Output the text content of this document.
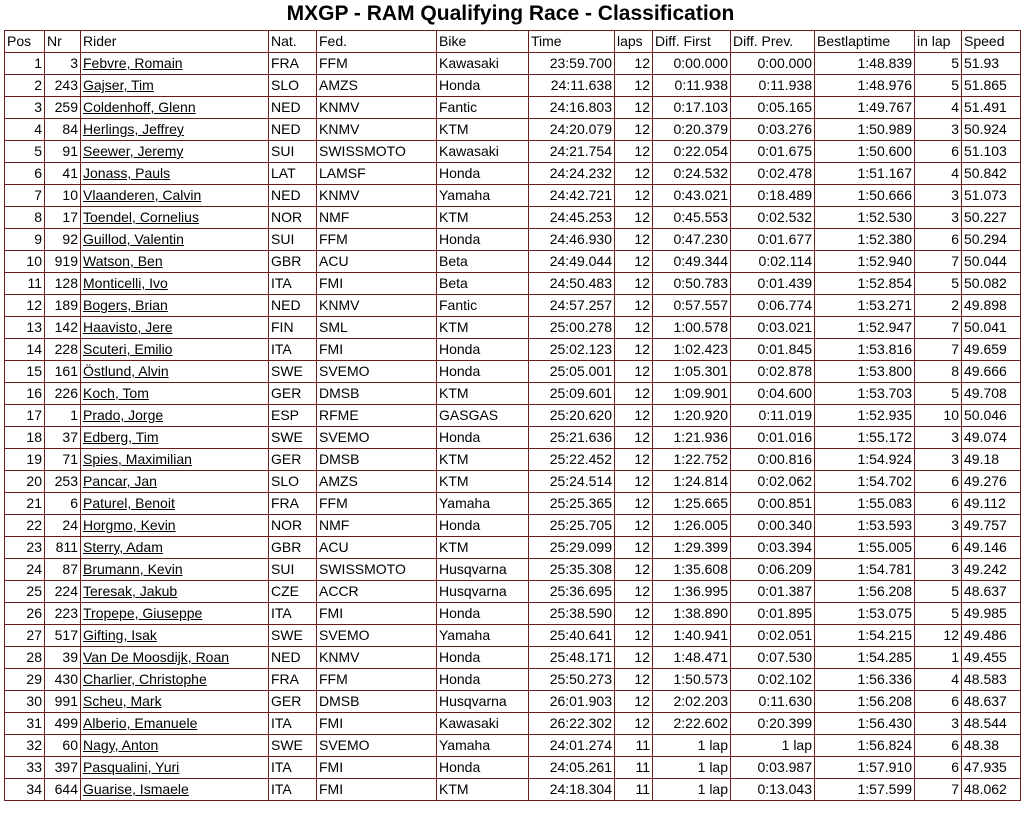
MXGP - RAM Qualifying Race - Classification
Pos	Nr	Rider	Nat.	Fed.	Bike	Time	laps	Diff. First	Diff. Prev.	Bestlaptime	in lap	Speed
1	3	Febvre, Romain	FRA	FFM	Kawasaki	23:59.700	12	0:00.000	0:00.000	1:48.839	5	51.93
2	243	Gajser, Tim	SLO	AMZS	Honda	24:11.638	12	0:11.938	0:11.938	1:48.976	5	51.865
3	259	Coldenhoff, Glenn	NED	KNMV	Fantic	24:16.803	12	0:17.103	0:05.165	1:49.767	4	51.491
4	84	Herlings, Jeffrey	NED	KNMV	KTM	24:20.079	12	0:20.379	0:03.276	1:50.989	3	50.924
5	91	Seewer, Jeremy	SUI	SWISSMOTO	Kawasaki	24:21.754	12	0:22.054	0:01.675	1:50.600	6	51.103
6	41	Jonass, Pauls	LAT	LAMSF	Honda	24:24.232	12	0:24.532	0:02.478	1:51.167	4	50.842
7	10	Vlaanderen, Calvin	NED	KNMV	Yamaha	24:42.721	12	0:43.021	0:18.489	1:50.666	3	51.073
8	17	Toendel, Cornelius	NOR	NMF	KTM	24:45.253	12	0:45.553	0:02.532	1:52.530	3	50.227
9	92	Guillod, Valentin	SUI	FFM	Honda	24:46.930	12	0:47.230	0:01.677	1:52.380	6	50.294
10	919	Watson, Ben	GBR	ACU	Beta	24:49.044	12	0:49.344	0:02.114	1:52.940	7	50.044
11	128	Monticelli, Ivo	ITA	FMI	Beta	24:50.483	12	0:50.783	0:01.439	1:52.854	5	50.082
12	189	Bogers, Brian	NED	KNMV	Fantic	24:57.257	12	0:57.557	0:06.774	1:53.271	2	49.898
13	142	Haavisto, Jere	FIN	SML	KTM	25:00.278	12	1:00.578	0:03.021	1:52.947	7	50.041
14	228	Scuteri, Emilio	ITA	FMI	Honda	25:02.123	12	1:02.423	0:01.845	1:53.816	7	49.659
15	161	Östlund, Alvin	SWE	SVEMO	Honda	25:05.001	12	1:05.301	0:02.878	1:53.800	8	49.666
16	226	Koch, Tom	GER	DMSB	KTM	25:09.601	12	1:09.901	0:04.600	1:53.703	5	49.708
17	1	Prado, Jorge	ESP	RFME	GASGAS	25:20.620	12	1:20.920	0:11.019	1:52.935	10	50.046
18	37	Edberg, Tim	SWE	SVEMO	Honda	25:21.636	12	1:21.936	0:01.016	1:55.172	3	49.074
19	71	Spies, Maximilian	GER	DMSB	KTM	25:22.452	12	1:22.752	0:00.816	1:54.924	3	49.18
20	253	Pancar, Jan	SLO	AMZS	KTM	25:24.514	12	1:24.814	0:02.062	1:54.702	6	49.276
21	6	Paturel, Benoit	FRA	FFM	Yamaha	25:25.365	12	1:25.665	0:00.851	1:55.083	6	49.112
22	24	Horgmo, Kevin	NOR	NMF	Honda	25:25.705	12	1:26.005	0:00.340	1:53.593	3	49.757
23	811	Sterry, Adam	GBR	ACU	KTM	25:29.099	12	1:29.399	0:03.394	1:55.005	6	49.146
24	87	Brumann, Kevin	SUI	SWISSMOTO	Husqvarna	25:35.308	12	1:35.608	0:06.209	1:54.781	3	49.242
25	224	Teresak, Jakub	CZE	ACCR	Husqvarna	25:36.695	12	1:36.995	0:01.387	1:56.208	5	48.637
26	223	Tropepe, Giuseppe	ITA	FMI	Honda	25:38.590	12	1:38.890	0:01.895	1:53.075	5	49.985
27	517	Gifting, Isak	SWE	SVEMO	Yamaha	25:40.641	12	1:40.941	0:02.051	1:54.215	12	49.486
28	39	Van De Moosdijk, Roan	NED	KNMV	Honda	25:48.171	12	1:48.471	0:07.530	1:54.285	1	49.455
29	430	Charlier, Christophe	FRA	FFM	Honda	25:50.273	12	1:50.573	0:02.102	1:56.336	4	48.583
30	991	Scheu, Mark	GER	DMSB	Husqvarna	26:01.903	12	2:02.203	0:11.630	1:56.208	6	48.637
31	499	Alberio, Emanuele	ITA	FMI	Kawasaki	26:22.302	12	2:22.602	0:20.399	1:56.430	3	48.544
32	60	Nagy, Anton	SWE	SVEMO	Yamaha	24:01.274	11	1 lap	1 lap	1:56.824	6	48.38
33	397	Pasqualini, Yuri	ITA	FMI	Honda	24:05.261	11	1 lap	0:03.987	1:57.910	6	47.935
34	644	Guarise, Ismaele	ITA	FMI	KTM	24:18.304	11	1 lap	0:13.043	1:57.599	7	48.062
